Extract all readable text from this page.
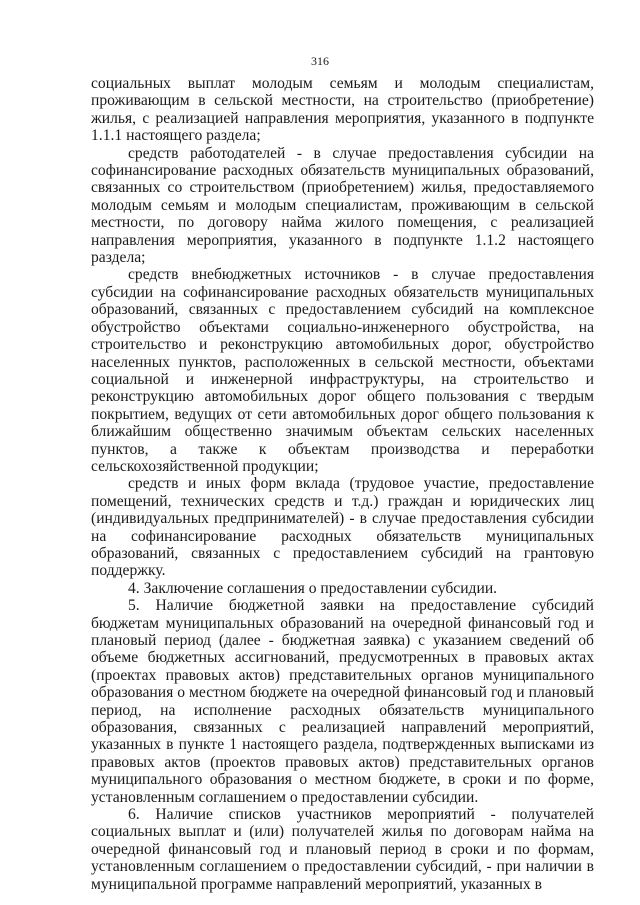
316

социальных выплат молодым семьям и молодым специалистам, проживающим в сельской местности, на строительство (приобретение) жилья, с реализацией направления мероприятия, указанного в подпункте 1.1.1 настоящего раздела;

средств работодателей - в случае предоставления субсидии на софинансирование расходных обязательств муниципальных образований, связанных со строительством (приобретением) жилья, предоставляемого молодым семьям и молодым специалистам, проживающим в сельской местности, по договору найма жилого помещения, с реализацией направления мероприятия, указанного в подпункте 1.1.2 настоящего раздела;

средств внебюджетных источников - в случае предоставления субсидии на софинансирование расходных обязательств муниципальных образований, связанных с предоставлением субсидий на комплексное обустройство объектами социально-инженерного обустройства, на строительство и реконструкцию автомобильных дорог, обустройство населенных пунктов, расположенных в сельской местности, объектами социальной и инженерной инфраструктуры, на строительство и реконструкцию автомобильных дорог общего пользования с твердым покрытием, ведущих от сети автомобильных дорог общего пользования к ближайшим общественно значимым объектам сельских населенных пунктов, а также к объектам производства и переработки сельскохозяйственной продукции;

средств и иных форм вклада (трудовое участие, предоставление помещений, технических средств и т.д.) граждан и юридических лиц (индивидуальных предпринимателей) - в случае предоставления субсидии на софинансирование расходных обязательств муниципальных образований, связанных с предоставлением субсидий на грантовую поддержку.

4. Заключение соглашения о предоставлении субсидии.

5. Наличие бюджетной заявки на предоставление субсидий бюджетам муниципальных образований на очередной финансовый год и плановый период (далее - бюджетная заявка) с указанием сведений об объеме бюджетных ассигнований, предусмотренных в правовых актах (проектах правовых актов) представительных органов муниципального образования о местном бюджете на очередной финансовый год и плановый период, на исполнение расходных обязательств муниципального образования, связанных с реализацией направлений мероприятий, указанных в пункте 1 настоящего раздела, подтвержденных выписками из правовых актов (проектов правовых актов) представительных органов муниципального образования о местном бюджете, в сроки и по форме, установленным соглашением о предоставлении субсидии.

6. Наличие списков участников мероприятий - получателей социальных выплат и (или) получателей жилья по договорам найма на очередной финансовый год и плановый период в сроки и по формам, установленным соглашением о предоставлении субсидий, - при наличии в муниципальной программе направлений мероприятий, указанных в
